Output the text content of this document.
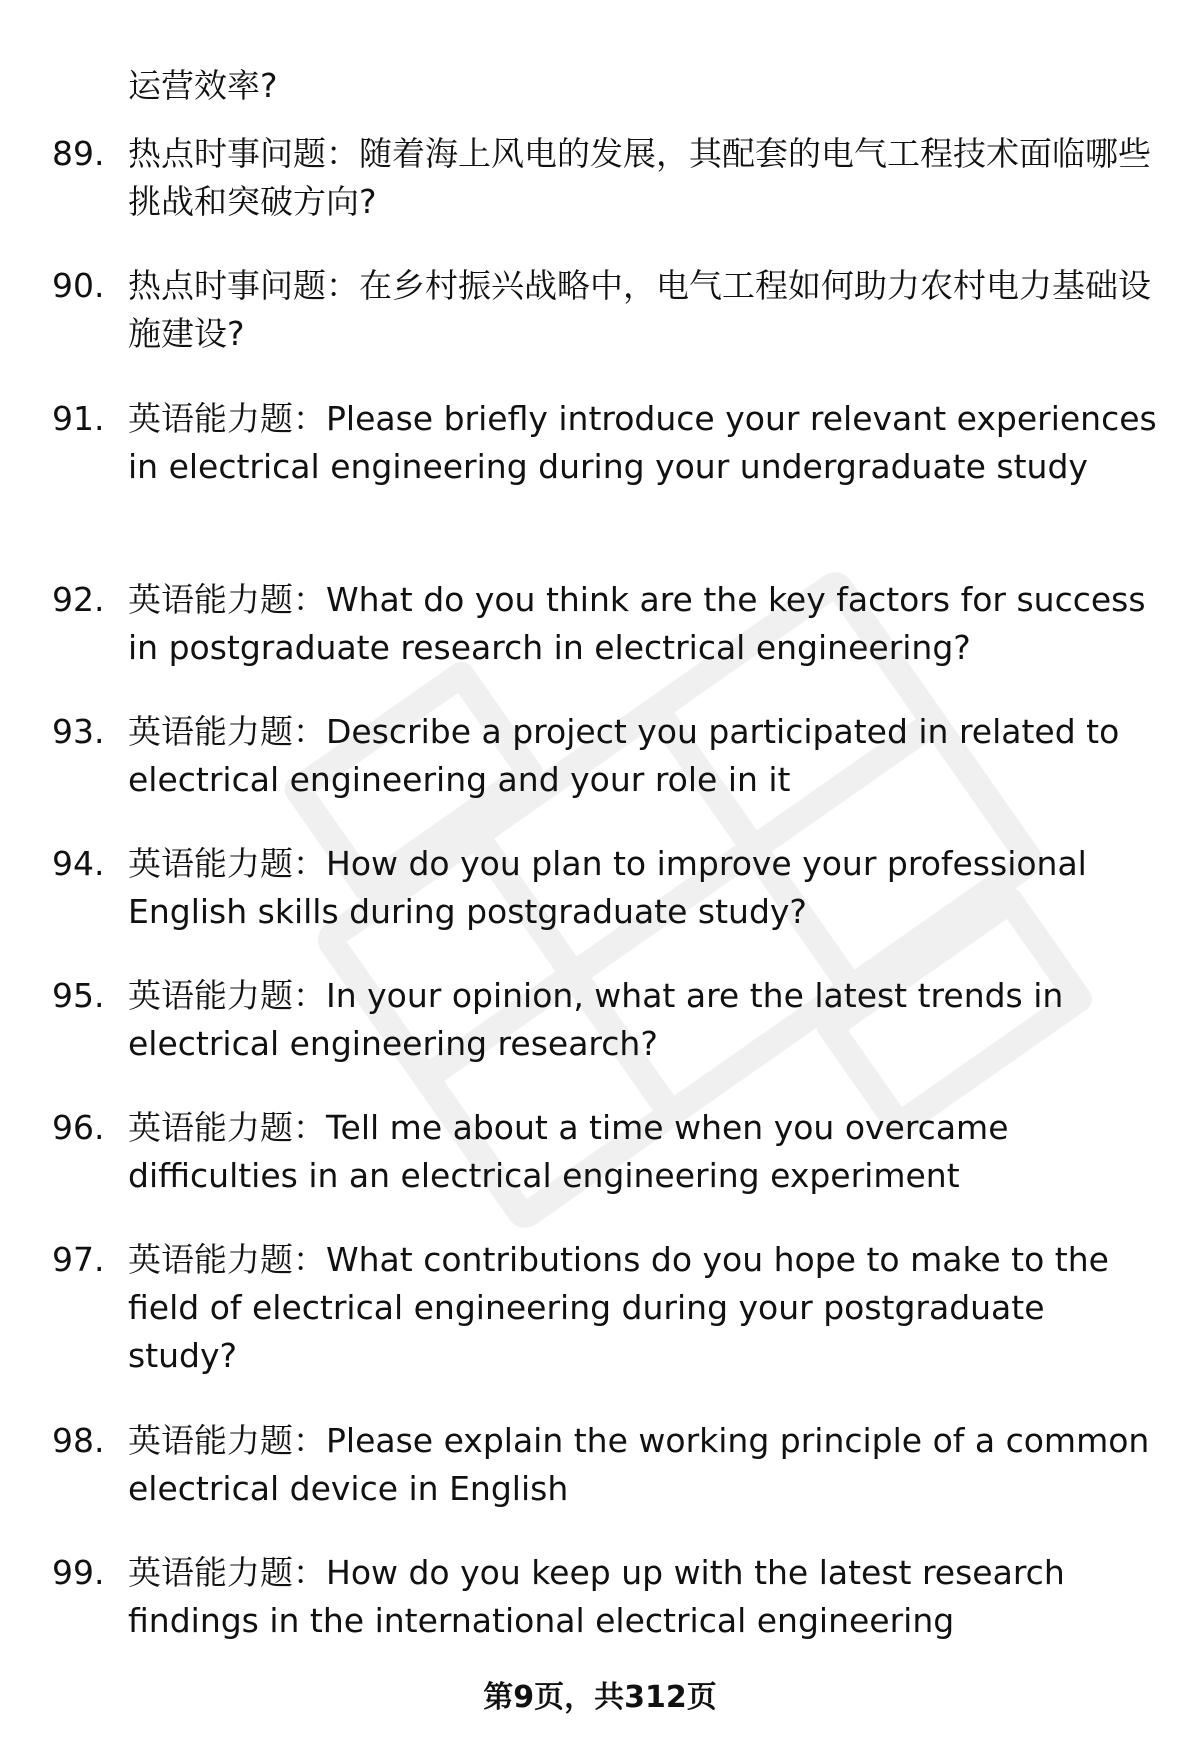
运营效率?
89. 热点时事问题：随着海上风电的发展，其配套的电气工程技术面临哪些挑战和突破方向?
90. 热点时事问题：在乡村振兴战略中，电气工程如何助力农村电力基础设施建设?
91. 英语能力题：Please briefly introduce your relevant experiences in electrical engineering during your undergraduate study
92. 英语能力题：What do you think are the key factors for success in postgraduate research in electrical engineering?
93. 英语能力题：Describe a project you participated in related to electrical engineering and your role in it
94. 英语能力题：How do you plan to improve your professional English skills during postgraduate study?
95. 英语能力题：In your opinion, what are the latest trends in electrical engineering research?
96. 英语能力题：Tell me about a time when you overcame difficulties in an electrical engineering experiment
97. 英语能力题：What contributions do you hope to make to the field of electrical engineering during your postgraduate study?
98. 英语能力题：Please explain the working principle of a common electrical device in English
99. 英语能力题：How do you keep up with the latest research findings in the international electrical engineering
第9页，共312页
